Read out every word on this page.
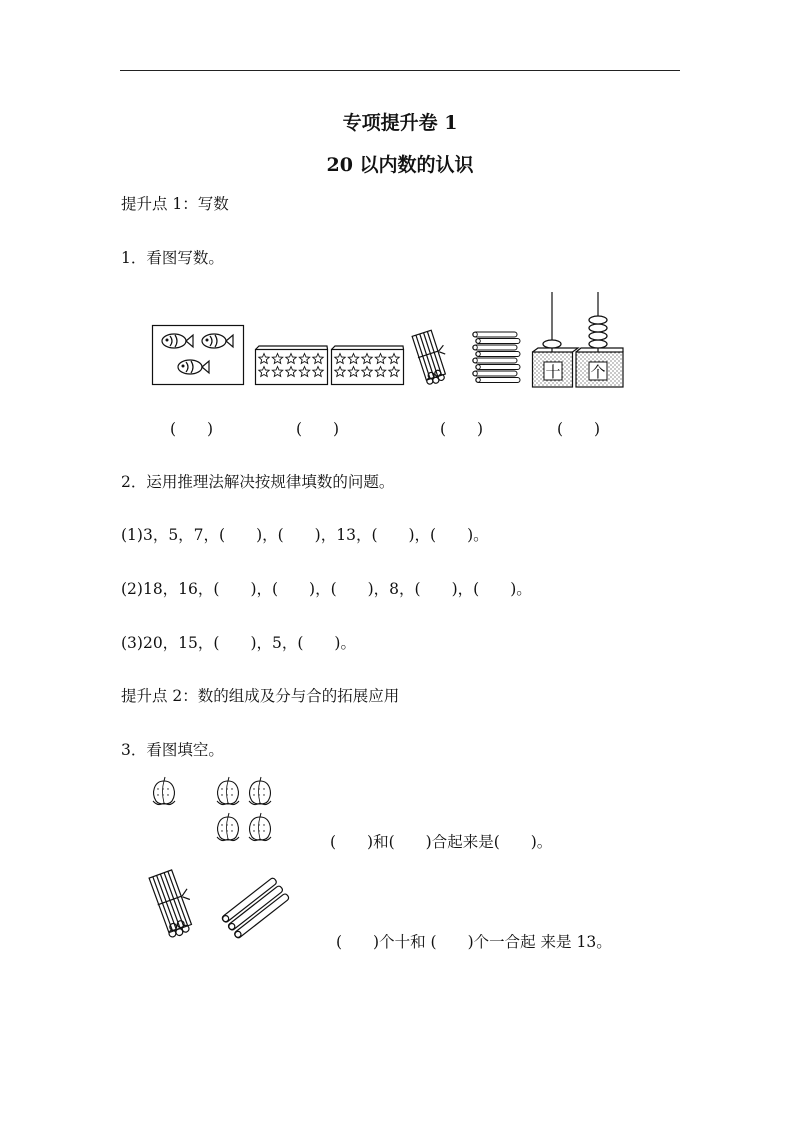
专项提升卷 1
20 以内数的认识
提升点 1：写数
1．看图写数。
十 个
(　　)	(　　)	(　　)	(　　)
2．运用推理法解决按规律填数的问题。
(1)3，5，7，(　　)，(　　)，13，(　　)，(　　)。
(2)18，16，(　　)，(　　)，(　　)，8，(　　)，(　　)。
(3)20，15，(　　)，5，(　　)。
提升点 2：数的组成及分与合的拓展应用
3．看图填空。
(　　)和(　　)合起来是(　　)。
(　　)个十和 (　　)个一合起 来是 13。
